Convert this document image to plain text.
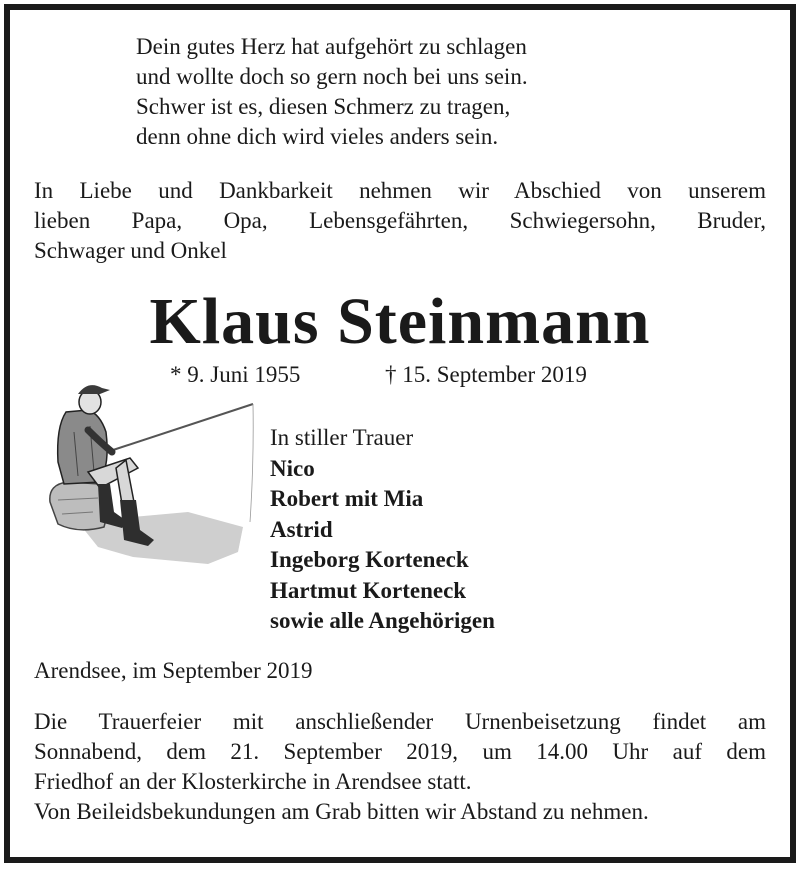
Dein gutes Herz hat aufgehört zu schlagen
und wollte doch so gern noch bei uns sein.
Schwer ist es, diesen Schmerz zu tragen,
denn ohne dich wird vieles anders sein.
In Liebe und Dankbarkeit nehmen wir Abschied von unserem
lieben Papa, Opa, Lebensgefährten, Schwiegersohn, Bruder,
Schwager und Onkel
Klaus Steinmann
* 9. Juni 1955	† 15. September 2019
In stiller Trauer
Nico
Robert mit Mia
Astrid
Ingeborg Korteneck
Hartmut Korteneck
sowie alle Angehörigen
Arendsee, im September 2019
Die Trauerfeier mit anschließender Urnenbeisetzung findet am
Sonnabend, dem 21. September 2019, um 14.00 Uhr auf dem
Friedhof an der Klosterkirche in Arendsee statt.
Von Beileidsbekundungen am Grab bitten wir Abstand zu nehmen.
